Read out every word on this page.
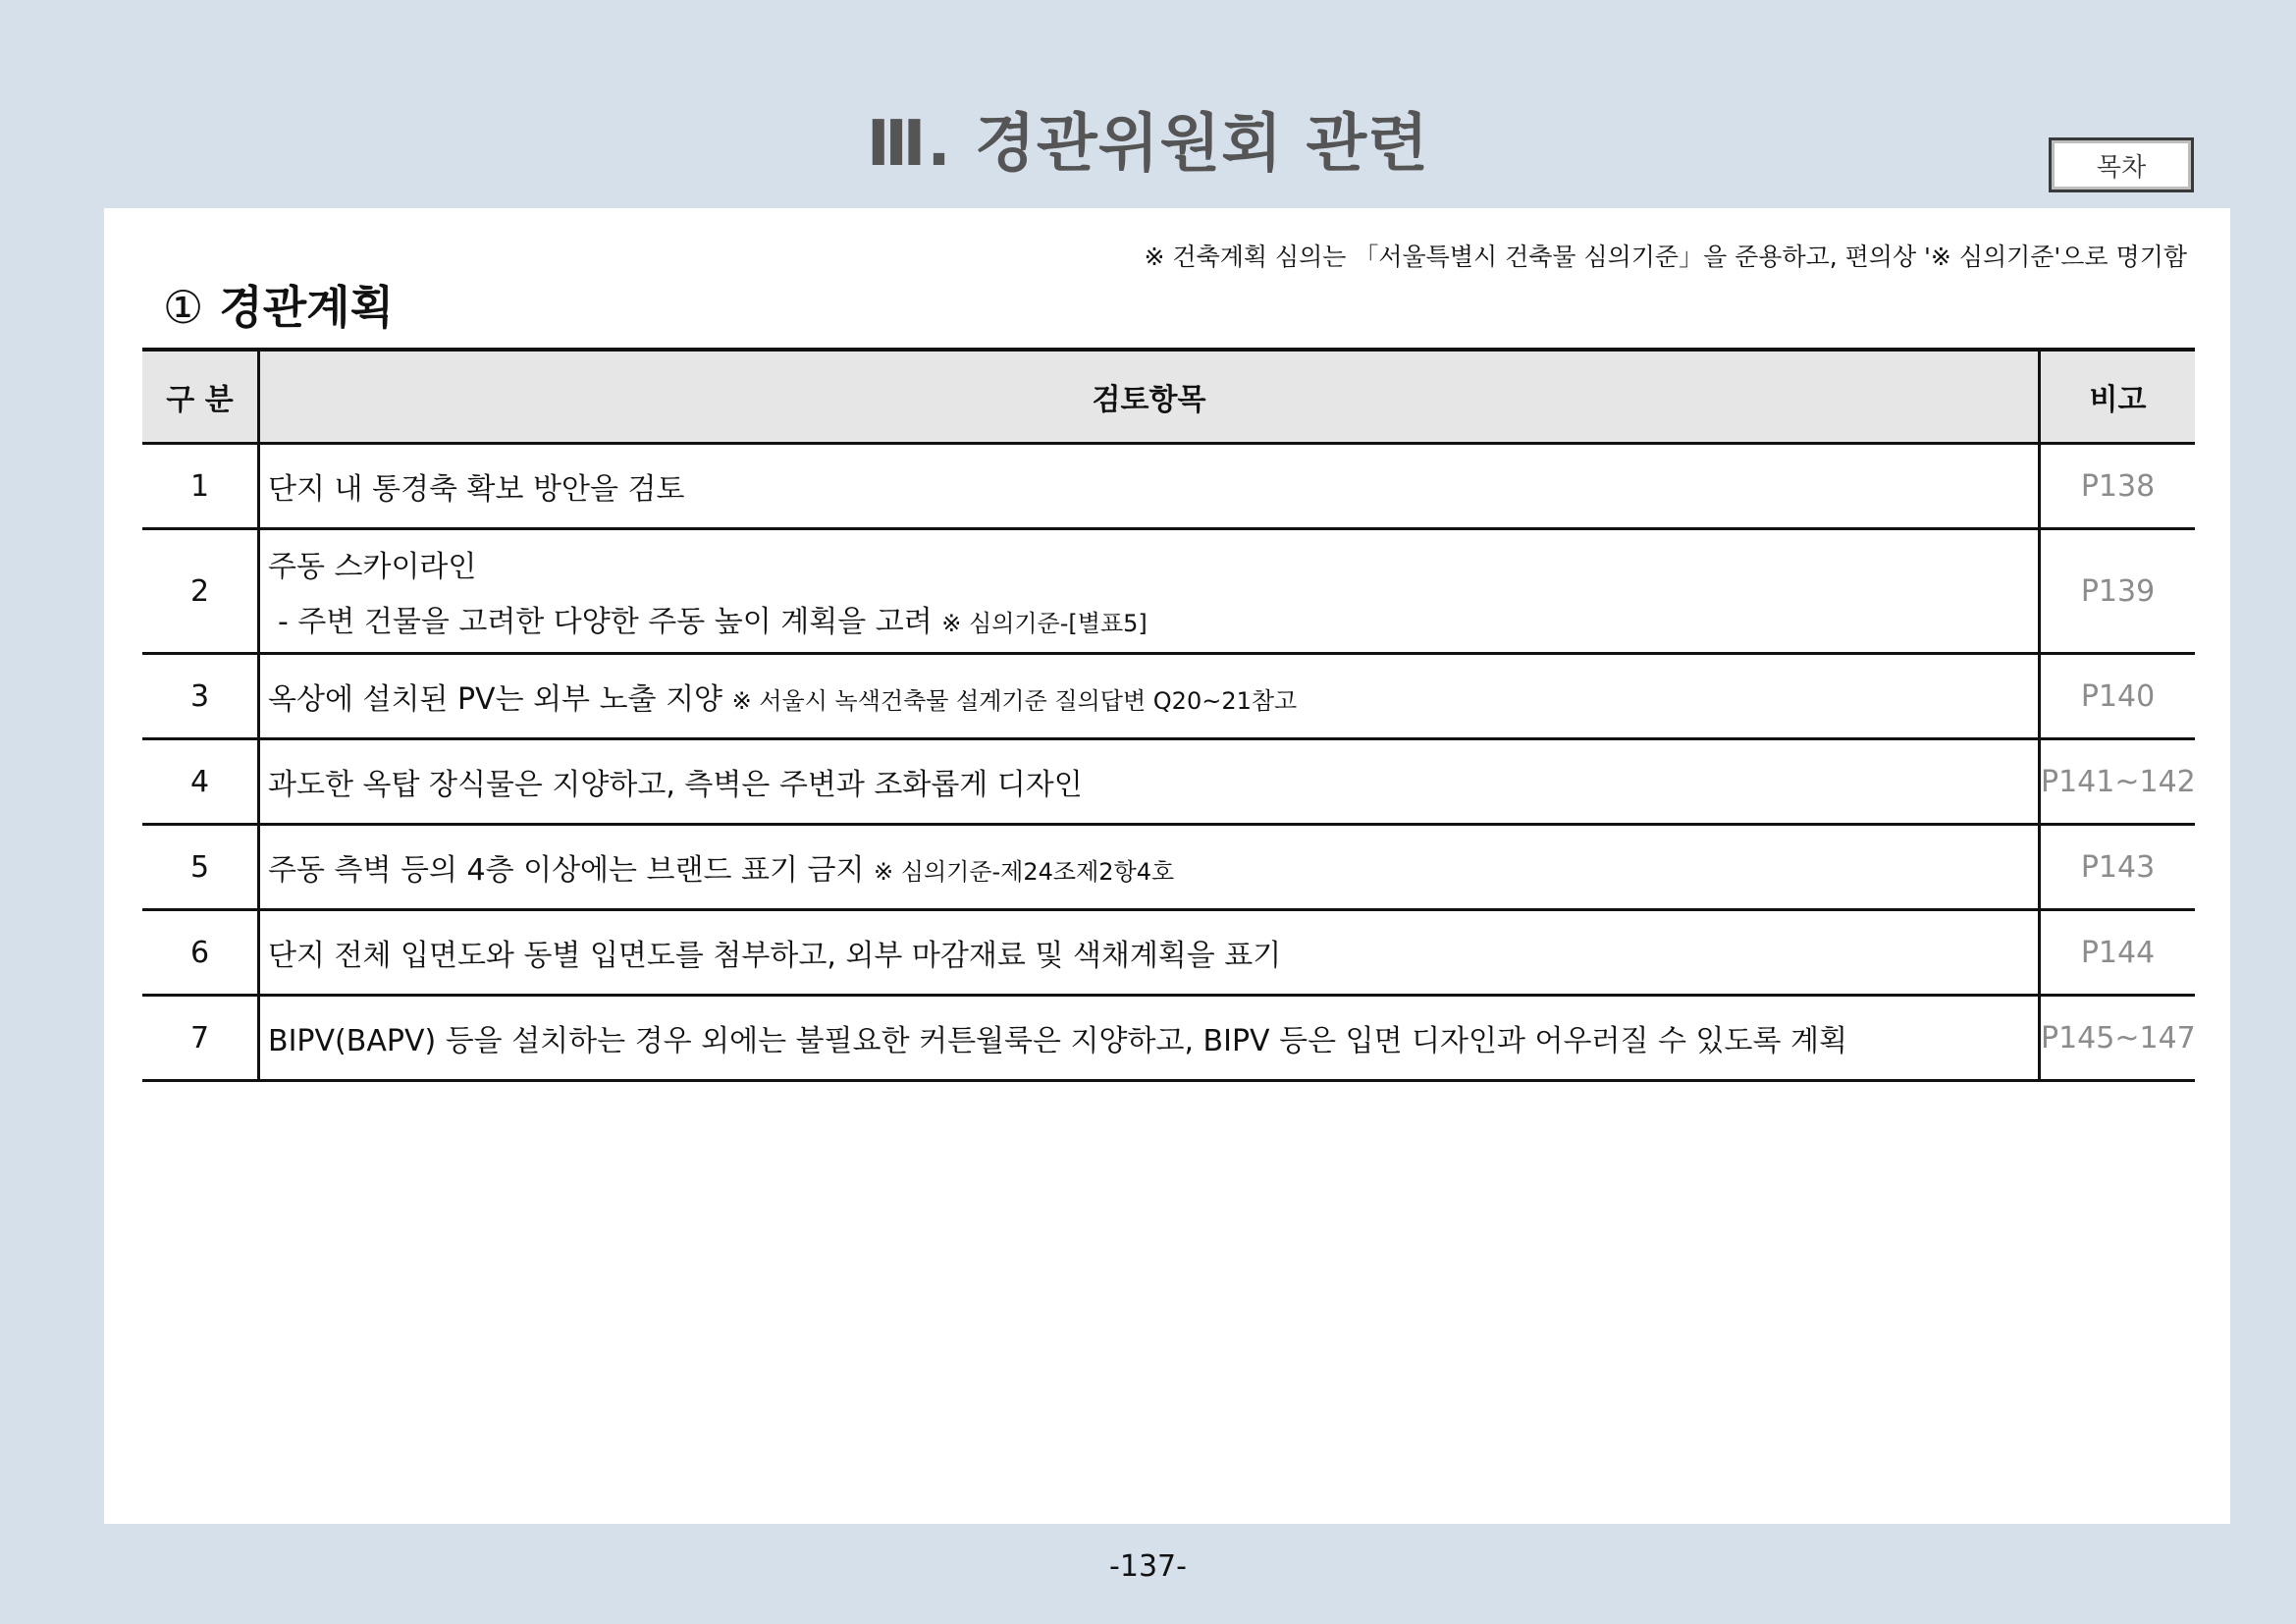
Ⅲ. 경관위원회 관련	목차
※ 건축계획 심의는 「서울특별시 건축물 심의기준」을 준용하고, 편의상 '※ 심의기준'으로 명기함
① 경관계획
구 분	검토항목	비고
1	단지 내 통경축 확보 방안을 검토	P138
2	주동 스카이라인
- 주변 건물을 고려한 다양한 주동 높이 계획을 고려 ※ 심의기준-[별표5]	P139
3	옥상에 설치된 PV는 외부 노출 지양 ※ 서울시 녹색건축물 설계기준 질의답변 Q20~21참고	P140
4	과도한 옥탑 장식물은 지양하고, 측벽은 주변과 조화롭게 디자인	P141~142
5	주동 측벽 등의 4층 이상에는 브랜드 표기 금지 ※ 심의기준-제24조제2항4호	P143
6	단지 전체 입면도와 동별 입면도를 첨부하고, 외부 마감재료 및 색채계획을 표기	P144
7	BIPV(BAPV) 등을 설치하는 경우 외에는 불필요한 커튼월룩은 지양하고, BIPV 등은 입면 디자인과 어우러질 수 있도록 계획	P145~147
-137-
